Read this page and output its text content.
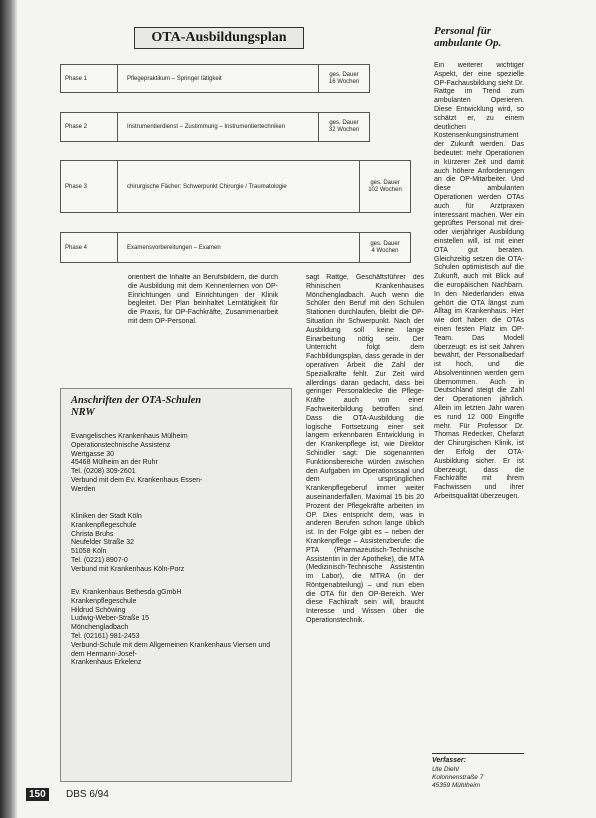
OTA-Ausbildungsplan
Phase 1	Pflegepraktikum – Springer tätigkeit
ges. Dauer
16 Wochen
Phase 2	Instrumentierdienst – Zustimmung – Instrumentiertechniken
ges. Dauer
32 Wochen
Phase 3	chirurgische Fächer: Schwerpunkt Chirurgie / Traumatologie
ges. Dauer
102 Wochen
Phase 4	Examensvorbereitungen – Examen
ges. Dauer
4 Wochen
orientiert die Inhalte an Berufsbildern, die durch die Ausbildung mit dem Kennenlernen von OP-Einrichtungen und Einrichtungen der Klinik begleitet. Der Plan beinhaltet Lerntätigkeit für die Praxis, für OP-Fachkräfte, Zusammenarbeit mit dem OP-Personal.
sagt Rattge, Geschäftsführer des Rhinischen Krankenhauses Mönchengladbach. Auch wenn die Schüler den Beruf mit den Schulen Stationen durchlaufen, bleibt die OP-Situation ihr Schwerpunkt. Nach der Ausbildung soll keine lange Einarbeitung nötig sein. Der Unterricht folgt dem Fachbildungsplan, dass gerade in der operativen Arbeit die Zahl der Spezialkräfte fehlt. Zur Zeit wird allerdings daran gedacht, dass bei geringer Personaldecke die Pflege-Kräfte auch von einer Fachweiterbildung betroffen sind. Dass die OTA-Ausbildung die logische Fortsetzung einer seit langem erkennbaren Entwicklung in der Krankenpflege ist, wie Direktor Schindler sagt: Die sogenannten Funktionsbereiche würden zwischen den Aufgaben im Operationssaal und dem ursprünglichen Krankenpflegeberuf immer weiter auseinanderfallen. Maximal 15 bis 20 Prozent der Pflegekräfte arbeiten im OP. Dies entspricht dem, was in anderen Berufen schon lange üblich ist. In der Folge gibt es – neben der Krankenpflege – Assistenzberufe: die PTA (Pharmazeutisch-Technische Assistentin in der Apotheke), die MTA (Medizinisch-Technische Assistentin im Labor), die MTRA (in der Röntgenabteilung) – und nun eben die OTA für den OP-Bereich. Wer diese Fachkraft sein will, braucht Interesse und Wissen über die Operationstechnik.
Personal für
ambulante Op.
Ein weiterer wichtiger Aspekt, der eine spezielle OP-Fachausbildung sieht Dr. Rattge im Trend zum ambulanten Operieren. Diese Entwicklung wird, so schätzt er, zu einem deutlichen Kostensenkungsinstrument der Zukunft werden. Das bedeutet: mehr Operationen in kürzerer Zeit und damit auch höhere Anforderungen an die OP-Mitarbeiter. Und diese ambulanten Operationen werden OTAs auch für Arztpraxen interessant machen. Wer ein geprüftes Personal mit drei- oder vierjähriger Ausbildung einstellen will, ist mit einer OTA gut beraten. Gleichzeitig setzen die OTA-Schulen optimistisch auf die Zukunft, auch mit Blick auf die europäischen Nachbarn. In den Niederlanden etwa gehört die OTA längst zum Alltag im Krankenhaus. Hier wie dort haben die OTAs einen festen Platz im OP-Team. Das Modell überzeugt: es ist seit Jahren bewährt, der Personalbedarf ist hoch, und die Absolventinnen werden gern übernommen. Auch in Deutschland steigt die Zahl der Operationen jährlich. Allein im letzten Jahr waren es rund 12 000 Eingriffe mehr. Für Professor Dr. Thomas Redecker, Chefarzt der Chirurgischen Klinik, ist der Erfolg der OTA-Ausbildung sicher. Er ist überzeugt, dass die Fachkräfte mit ihrem Fachwissen und ihrer Arbeitsqualität überzeugen.
Anschriften der OTA-Schulen
NRW
Evangelisches Krankenhaus Mülheim
Operationstechnische Assistenz
Wertgasse 30
45468 Mülheim an der Ruhr
Tel. (0208) 309-2601
Verbund mit dem Ev. Krankenhaus Essen-
Werden
Kliniken der Stadt Köln
Krankenpflegeschule
Christa Bruhs
Neufelder Straße 32
51058 Köln
Tel. (0221) 8907-0
Verbund mit Krankenhaus Köln-Porz
Ev. Krankenhaus Bethesda gGmbH
Krankenpflegeschule
Hildrud Schöwing
Ludwig-Weber-Straße 15
Mönchengladbach
Tel. (02161) 981-2453
Verbund-Schule mit dem Allgemeinen Krankenhaus Viersen und dem Hermann-Josef-
Krankenhaus Erkelenz
Verfasser:
Ute Diehl
Kolonnenstraße 7
45359 Mühlheim
150	DBS 6/94
